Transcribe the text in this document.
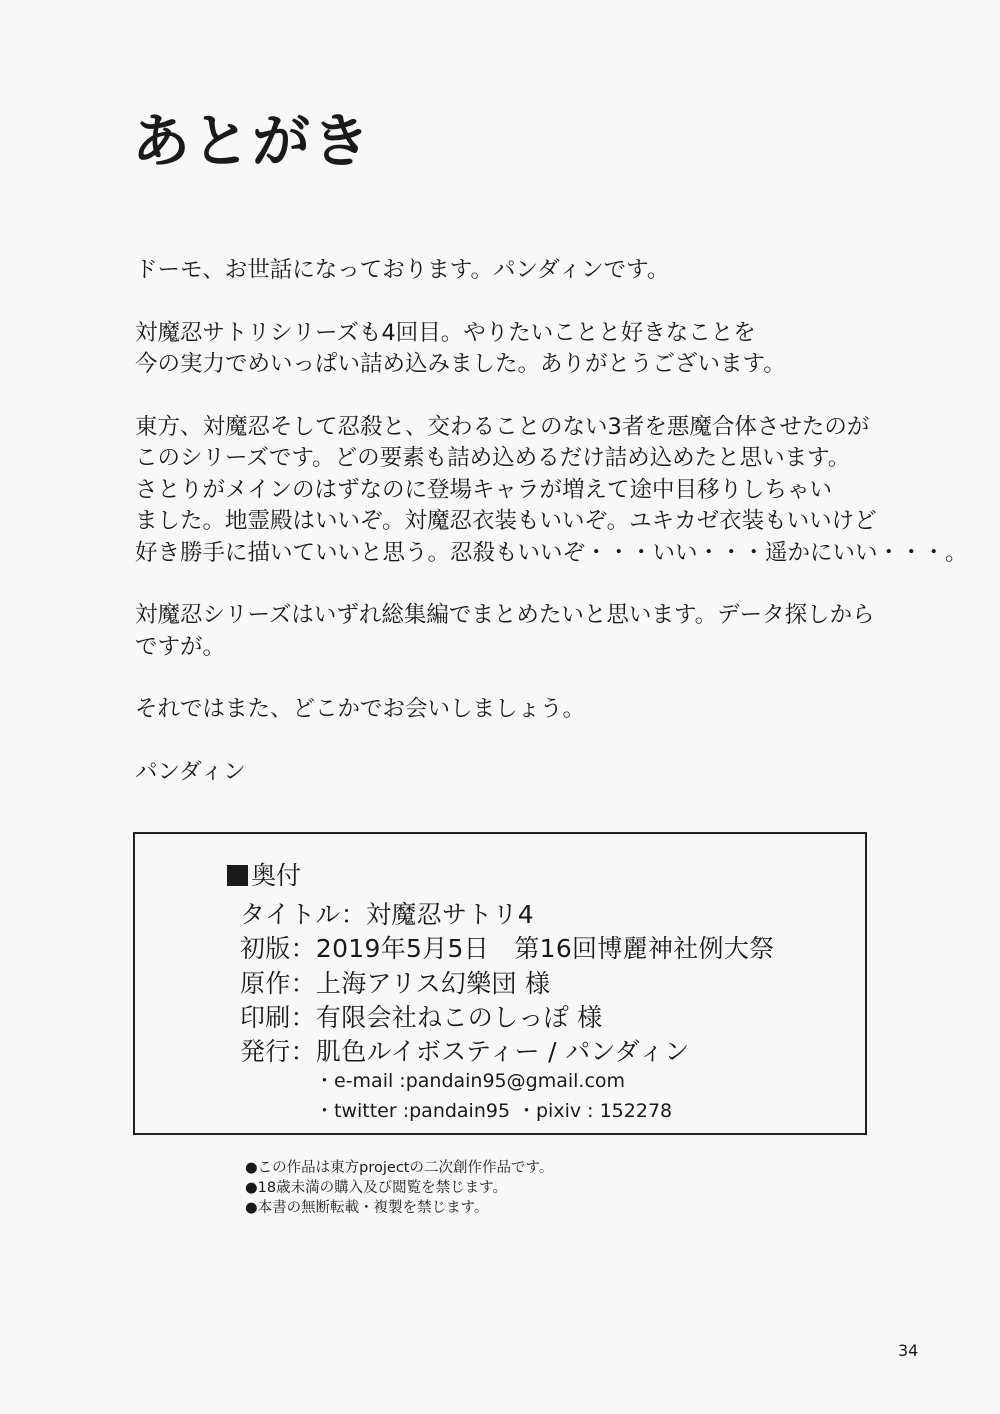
あとがき

ドーモ、お世話になっております。パンダィンです。

対魔忍サトリシリーズも4回目。やりたいことと好きなことを
今の実力でめいっぱい詰め込みました。ありがとうございます。

東方、対魔忍そして忍殺と、交わることのない3者を悪魔合体させたのが
このシリーズです。どの要素も詰め込めるだけ詰め込めたと思います。
さとりがメインのはずなのに登場キャラが増えて途中目移りしちゃい
ました。地霊殿はいいぞ。対魔忍衣装もいいぞ。ユキカゼ衣装もいいけど
好き勝手に描いていいと思う。忍殺もいいぞ・・・いい・・・遥かにいい・・・。

対魔忍シリーズはいずれ総集編でまとめたいと思います。データ探しから
ですが。

それではまた、どこかでお会いしましょう。

パンダィン

奥付
タイトル：対魔忍サトリ4
初版：2019年5月5日　第16回博麗神社例大祭
原作：上海アリス幻樂団 様
印刷：有限会社ねこのしっぽ 様
発行：肌色ルイボスティー / パンダィン
・e-mail :pandain95@gmail.com
・twitter :pandain95 ・pixiv : 152278
●この作品は東方projectの二次創作作品です。
●18歳未満の購入及び閲覧を禁じます。
●本書の無断転載・複製を禁じます。
34
